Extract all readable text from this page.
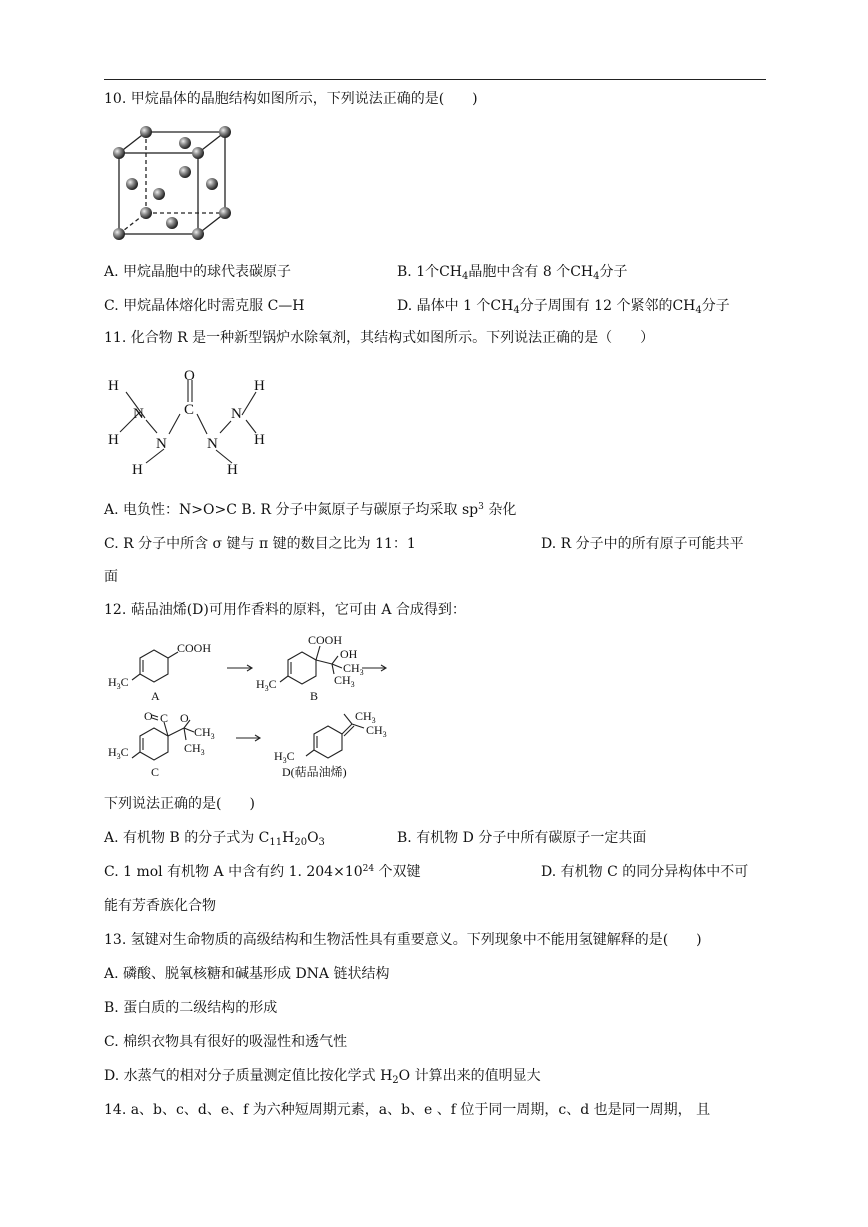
10. 甲烷晶体的晶胞结构如图所示，下列说法正确的是(　　)
A. 甲烷晶胞中的球代表碳原子	B. 1个$CH_4$晶胞中含有 8 个$CH_4$分子
C. 甲烷晶体熔化时需克服 C—H	D. 晶体中 1 个$CH_4$分子周围有 12 个紧邻的$CH_4$分子
11. 化合物 R 是一种新型锅炉水除氧剂，其结构式如图所示。下列说法正确的是（　　）
O
C
H
N
H N
H
N
H
N
H
H
A. 电负性：N>O>C B. R 分子中氮原子与碳原子均采取 $sp^3$ 杂化
C. R 分子中所含 σ 键与 π 键的数目之比为 11：1	D. R 分子中的所有原子可能共平
面
12. 萜品油烯(D)可用作香料的原料，它可由 A 合成得到：
COOH
$H_3C$
A
COOH
OH
$CH_3$
$CH_3$
$H_3C$
B
O C O
$CH_3$
$CH_3$
$H_3C$
C
$CH_3$
$CH_3$
$H_3C$
D(萜品油烯)
下列说法正确的是(　　)
A. 有机物 B 的分子式为 $C_{11}H_{20}O_3$	B. 有机物 D 分子中所有碳原子一定共面
C. 1 mol 有机物 A 中含有约 1. $204\times 10^{24}$ 个双键	D. 有机物 C 的同分异构体中不可
能有芳香族化合物
13. 氢键对生命物质的高级结构和生物活性具有重要意义。下列现象中不能用氢键解释的是(　　)
A. 磷酸、脱氧核糖和碱基形成 DNA 链状结构
B. 蛋白质的二级结构的形成
C. 棉织衣物具有很好的吸湿性和透气性
D. 水蒸气的相对分子质量测定值比按化学式 $H_2O$ 计算出来的值明显大
14. a、b、c、d、e、f 为六种短周期元素，a、b、e 、f 位于同一周期，c、d 也是同一周期， 且
